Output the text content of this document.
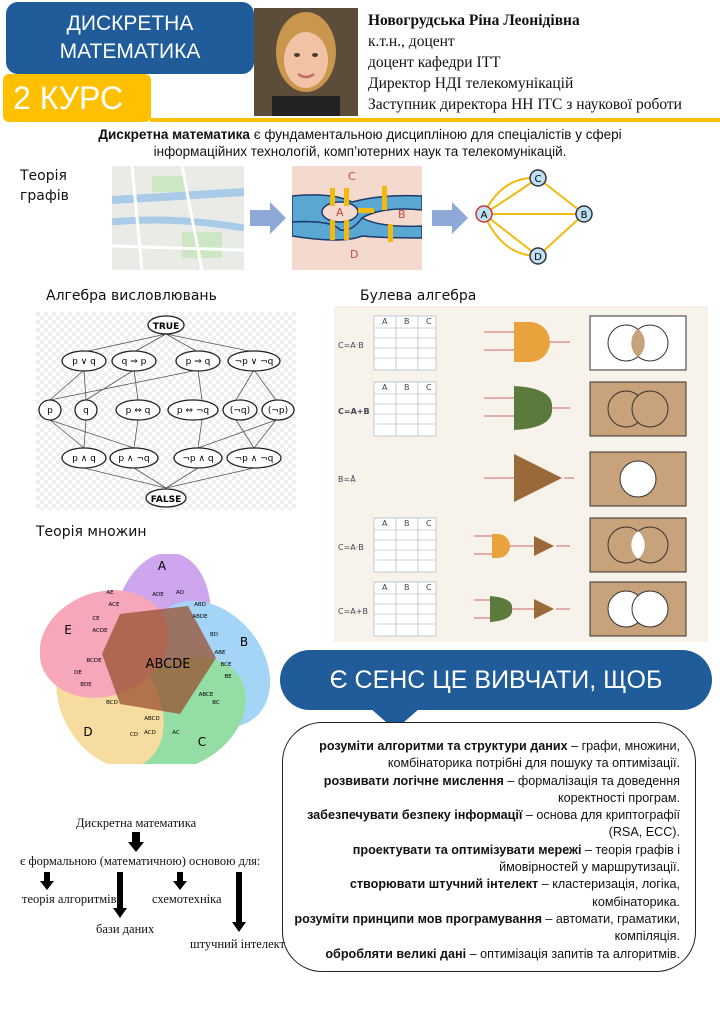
ДИСКРЕТНА
МАТЕМАТИКА
2 КУРС
Новогрудська Ріна Леонідівна
к.т.н., доцент
доцент кафедри ІТТ
Директор НДІ телекомунікацій
Заступник директора НН ІТС з наукової роботи
Дискретна математика є фундаментальною дисципліною для спеціалістів у сфері
інформаційних технологій, комп’ютерних наук та телекомунікацій.
Теорія
графів
C
A	B
D
A	B
C
D
Алгебра висловлювань	Булева алгебра
TRUE
p ∨ q	q ⇒ p	p ⇒ q	¬p ∨ ¬q
p	q	p ⇔ q	p ⇔ ¬q (¬q) (¬p)
p ∧ q p ∧ ¬q	¬p ∧ q ¬p ∧ ¬q
FALSE
C=A·B
A B C
C=A+B
A B C
B=Ā
C=A·B
A B C
C=A+B
A B C
Теорія множин
ABCDE
A
B
C
D
E
AE	ADE AD
ABD
ACE
ABDE
CE
ACDE
BD
BCDE
ABE
DE
BCE
BE
BDE
ABCE
BC
BCD
ABCD
ACD
CD	AC
Є СЕНС ЦЕ ВИВЧАТИ, ЩОБ
розуміти алгоритми та структури даних – графи, множини,
комбінаторика потрібні для пошуку та оптимізації.
розвивати логічне мислення – формалізація та доведення
коректності програм.
забезпечувати безпеку інформації – основа для криптографії
(RSA, ECC).
проектувати та оптимізувати мережі – теорія графів і
ймовірностей у маршрутизації.
створювати штучний інтелект – кластеризація, логіка,
комбінаторика.
розуміти принципи мов програмування – автомати, граматики,
компіляція.
обробляти великі дані – оптимізація запитів та алгоритмів.
Дискретна математика
є формальною (математичною) основою для:
теорія алгоритмів
бази даних
схемотехніка
штучний інтелект
